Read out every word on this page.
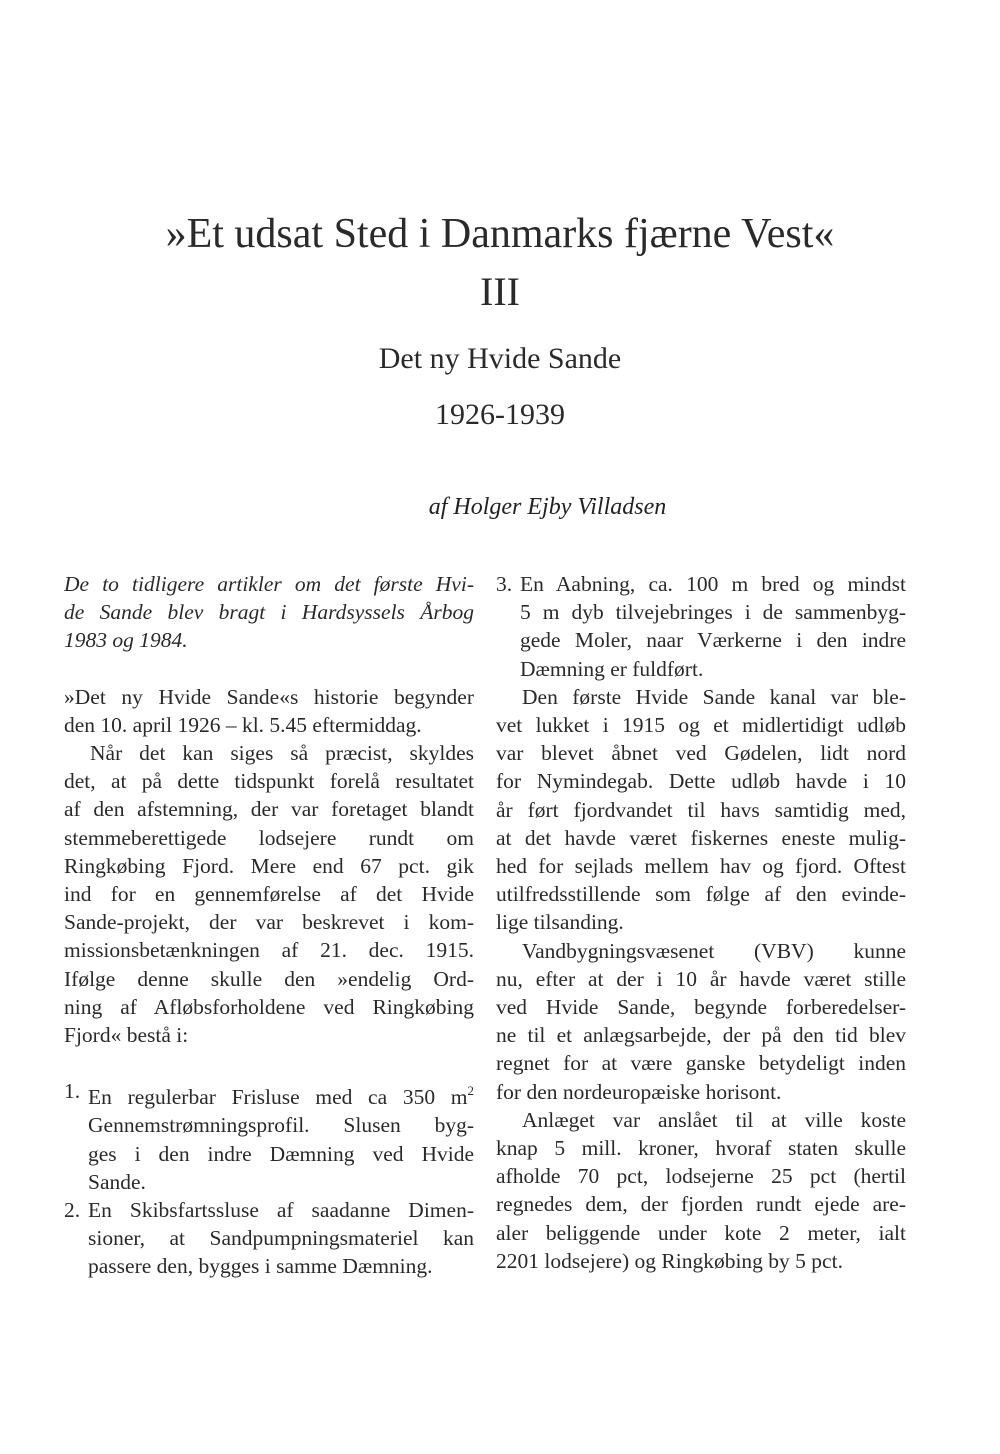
»Et udsat Sted i Danmarks fjærne Vest«
III
Det ny Hvide Sande
1926-1939
af Holger Ejby Villadsen

De to tidligere artikler om det første Hvi-
de Sande blev bragt i Hardsyssels Årbog
1983 og 1984.

»Det ny Hvide Sande«s historie begynder
den 10. april 1926 – kl. 5.45 eftermiddag.

Når det kan siges så præcist, skyldes
det, at på dette tidspunkt forelå resultatet
af den afstemning, der var foretaget blandt
stemmeberettigede lodsejere rundt om
Ringkøbing Fjord. Mere end 67 pct. gik
ind for en gennemførelse af det Hvide
Sande-projekt, der var beskrevet i kom-
missionsbetænkningen af 21. dec. 1915.
Ifølge denne skulle den »endelig Ord-
ning af Afløbsforholdene ved Ringkøbing
Fjord« bestå i:

1. En regulerbar Frisluse med ca 350 $m^2$
Gennemstrømningsprofil. Slusen byg-
ges i den indre Dæmning ved Hvide
Sande.
2. En Skibsfartssluse af saadanne Dimen-
sioner, at Sandpumpningsmateriel kan
passere den, bygges i samme Dæmning.
3. En Aabning, ca. 100 m bred og mindst
5 m dyb tilvejebringes i de sammenbyg-
gede Moler, naar Værkerne i den indre
Dæmning er fuldført.

Den første Hvide Sande kanal var ble-
vet lukket i 1915 og et midlertidigt udløb
var blevet åbnet ved Gødelen, lidt nord
for Nymindegab. Dette udløb havde i 10
år ført fjordvandet til havs samtidig med,
at det havde været fiskernes eneste mulig-
hed for sejlads mellem hav og fjord. Oftest
utilfredsstillende som følge af den evinde-
lige tilsanding.

Vandbygningsvæsenet (VBV) kunne
nu, efter at der i 10 år havde været stille
ved Hvide Sande, begynde forberedelser-
ne til et anlægsarbejde, der på den tid blev
regnet for at være ganske betydeligt inden
for den nordeuropæiske horisont.

Anlæget var anslået til at ville koste
knap 5 mill. kroner, hvoraf staten skulle
afholde 70 pct, lodsejerne 25 pct (hertil
regnedes dem, der fjorden rundt ejede are-
aler beliggende under kote 2 meter, ialt
2201 lodsejere) og Ringkøbing by 5 pct.
